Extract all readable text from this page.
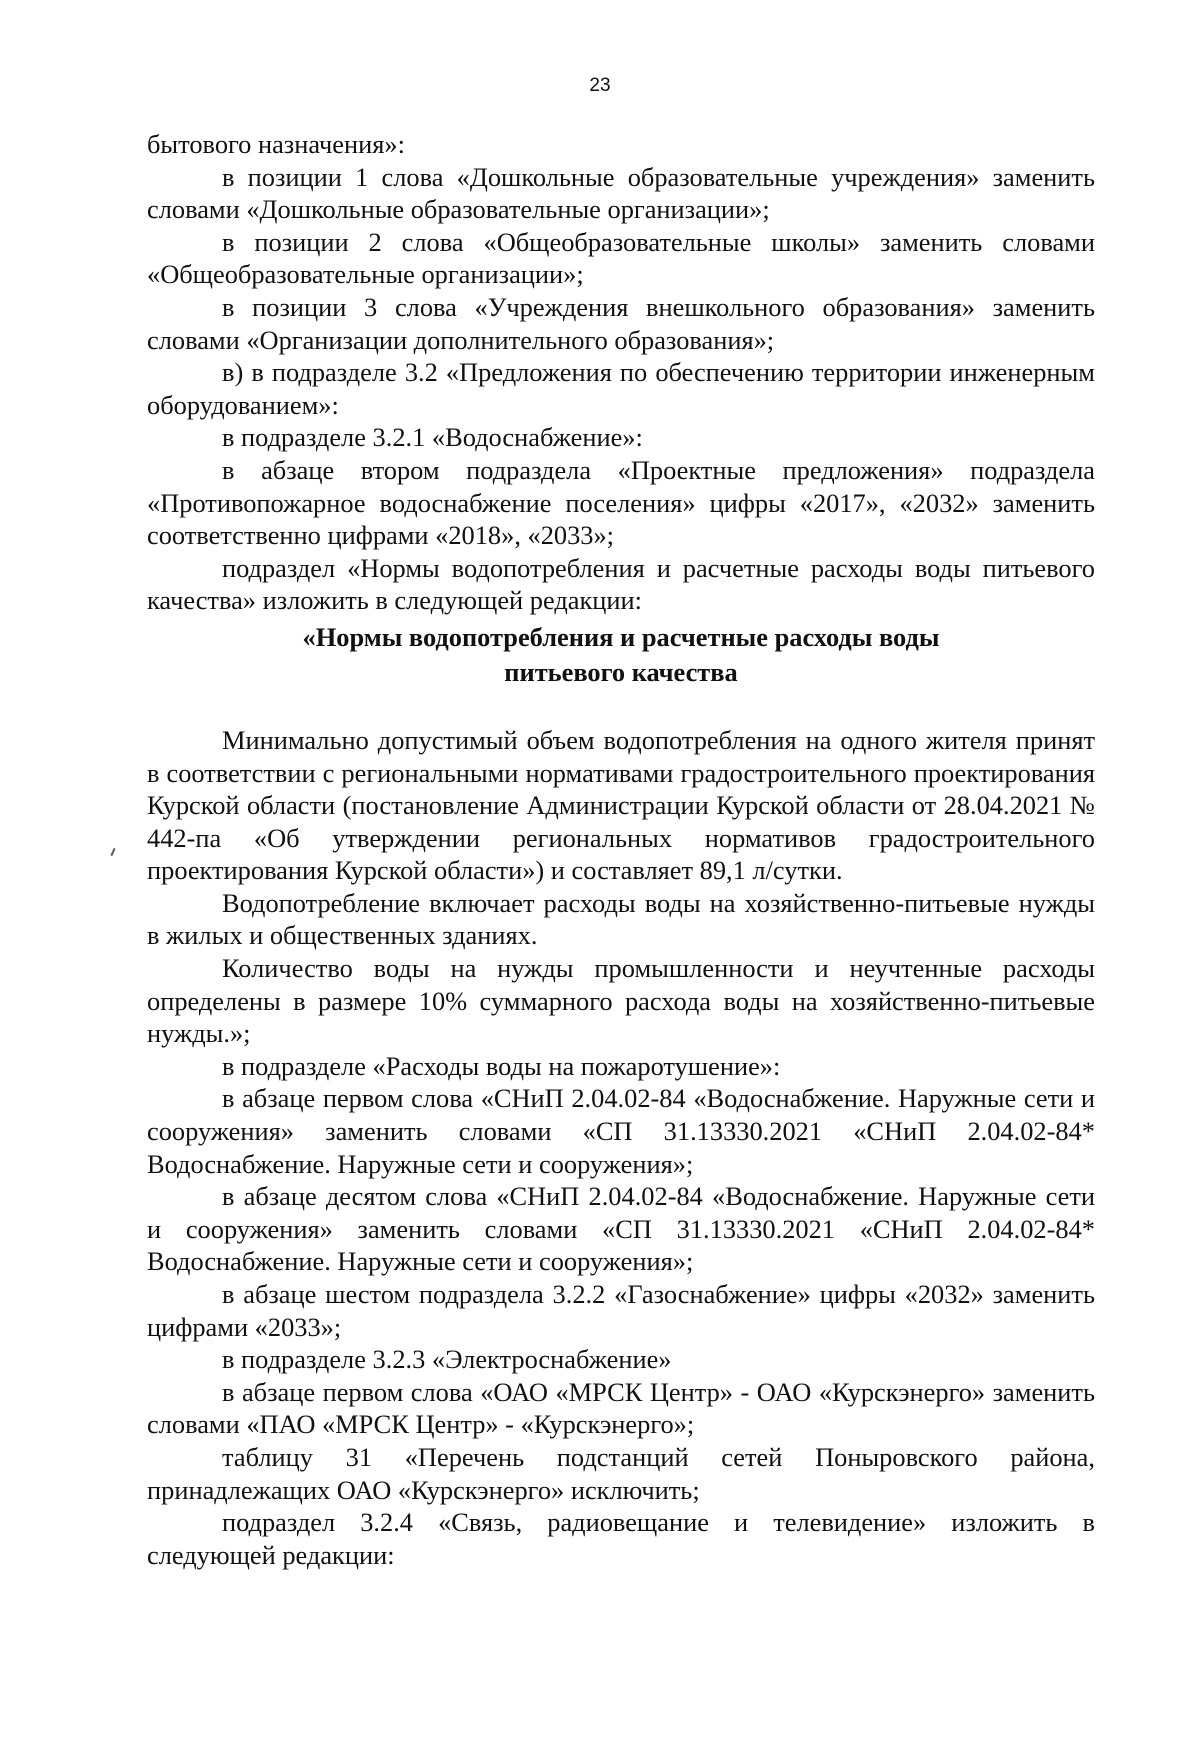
23

бытового назначения»:

в позиции 1 слова «Дошкольные образовательные учреждения» заменить словами «Дошкольные образовательные организации»;

в позиции 2 слова «Общеобразовательные школы» заменить словами «Общеобразовательные организации»;

в позиции 3 слова «Учреждения внешкольного образования» заменить словами «Организации дополнительного образования»;

в) в подразделе 3.2 «Предложения по обеспечению территории инженерным оборудованием»:

в подразделе 3.2.1 «Водоснабжение»:

в абзаце втором подраздела «Проектные предложения» подраздела «Противопожарное водоснабжение поселения» цифры «2017», «2032» заменить соответственно цифрами «2018», «2033»;

подраздел «Нормы водопотребления и расчетные расходы воды питьевого качества» изложить в следующей редакции:

«Нормы водопотребления и расчетные расходы воды
питьевого качества

Минимально допустимый объем водопотребления на одного жителя принят в соответствии с региональными нормативами градостроительного проектирования Курской области (постановление Администрации Курской области от 28.04.2021 № 442-па «Об утверждении региональных нормативов градостроительного проектирования Курской области») и составляет 89,1 л/сутки.

Водопотребление включает расходы воды на хозяйственно-питьевые нужды в жилых и общественных зданиях.

Количество воды на нужды промышленности и неучтенные расходы определены в размере 10% суммарного расхода воды на хозяйственно-питьевые нужды.»;

в подразделе «Расходы воды на пожаротушение»:

в абзаце первом слова «СНиП 2.04.02-84 «Водоснабжение. Наружные сети и сооружения» заменить словами «СП 31.13330.2021 «СНиП 2.04.02-84* Водоснабжение. Наружные сети и сооружения»;

в абзаце десятом слова «СНиП 2.04.02-84 «Водоснабжение. Наружные сети и сооружения» заменить словами «СП 31.13330.2021 «СНиП 2.04.02-84* Водоснабжение. Наружные сети и сооружения»;

в абзаце шестом подраздела 3.2.2 «Газоснабжение» цифры «2032» заменить цифрами «2033»;

в подразделе 3.2.3 «Электроснабжение»

в абзаце первом слова «ОАО «МРСК Центр» - ОАО «Курскэнерго» заменить словами «ПАО «МРСК Центр» - «Курскэнерго»;

таблицу 31 «Перечень подстанций сетей Поныровского района, принадлежащих ОАО «Курскэнерго» исключить;

подраздел 3.2.4 «Связь, радиовещание и телевидение» изложить в следующей редакции:
